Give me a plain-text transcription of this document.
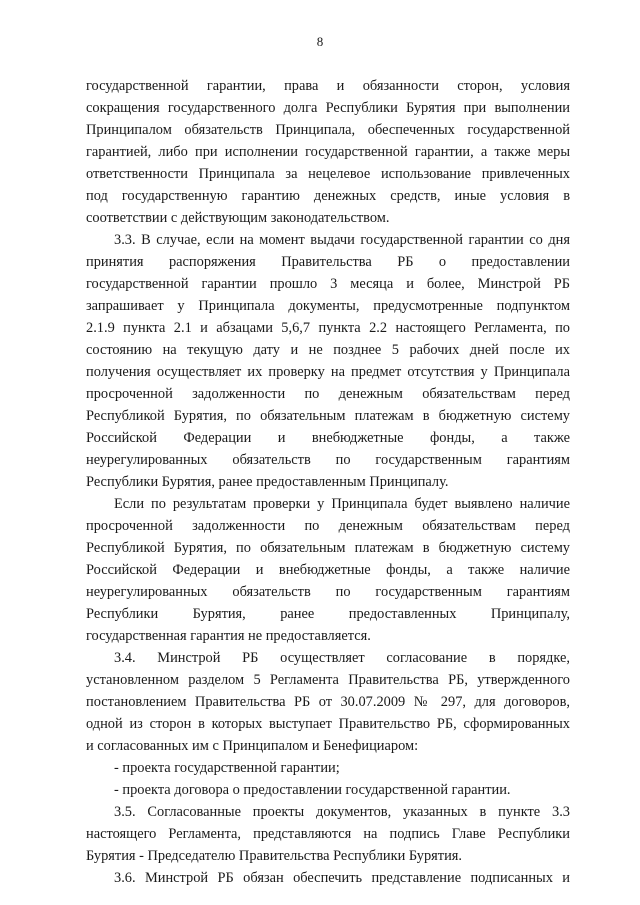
8

государственной гарантии, права и обязанности сторон, условия
сокращения государственного долга Республики Бурятия при выполнении
Принципалом обязательств Принципала, обеспеченных государственной
гарантией, либо при исполнении государственной гарантии, а также меры
ответственности Принципала за нецелевое использование привлеченных
под государственную гарантию денежных средств, иные условия в
соответствии с действующим законодательством.

3.3. В случае, если на момент выдачи государственной гарантии со дня
принятия распоряжения Правительства РБ о предоставлении
государственной гарантии прошло 3 месяца и более, Минстрой РБ
запрашивает у Принципала документы, предусмотренные подпунктом
2.1.9 пункта 2.1 и абзацами 5,6,7 пункта 2.2 настоящего Регламента, по
состоянию на текущую дату и не позднее 5 рабочих дней после их
получения осуществляет их проверку на предмет отсутствия у Принципала
просроченной задолженности по денежным обязательствам перед
Республикой Бурятия, по обязательным платежам в бюджетную систему
Российской Федерации и внебюджетные фонды, а также
неурегулированных обязательств по государственным гарантиям
Республики Бурятия, ранее предоставленным Принципалу.

Если по результатам проверки у Принципала будет выявлено наличие
просроченной задолженности по денежным обязательствам перед
Республикой Бурятия, по обязательным платежам в бюджетную систему
Российской Федерации и внебюджетные фонды, а также наличие
неурегулированных обязательств по государственным гарантиям
Республики Бурятия, ранее предоставленных Принципалу,
государственная гарантия не предоставляется.

3.4. Минстрой РБ осуществляет согласование в порядке,
установленном разделом 5 Регламента Правительства РБ, утвержденного
постановлением Правительства РБ от 30.07.2009 № 297, для договоров,
одной из сторон в которых выступает Правительство РБ, сформированных
и согласованных им с Принципалом и Бенефициаром:

- проекта государственной гарантии;

- проекта договора о предоставлении государственной гарантии.

3.5. Согласованные проекты документов, указанных в пункте 3.3
настоящего Регламента, представляются на подпись Главе Республики
Бурятия - Председателю Правительства Республики Бурятия.

3.6. Минстрой РБ обязан обеспечить представление подписанных и
